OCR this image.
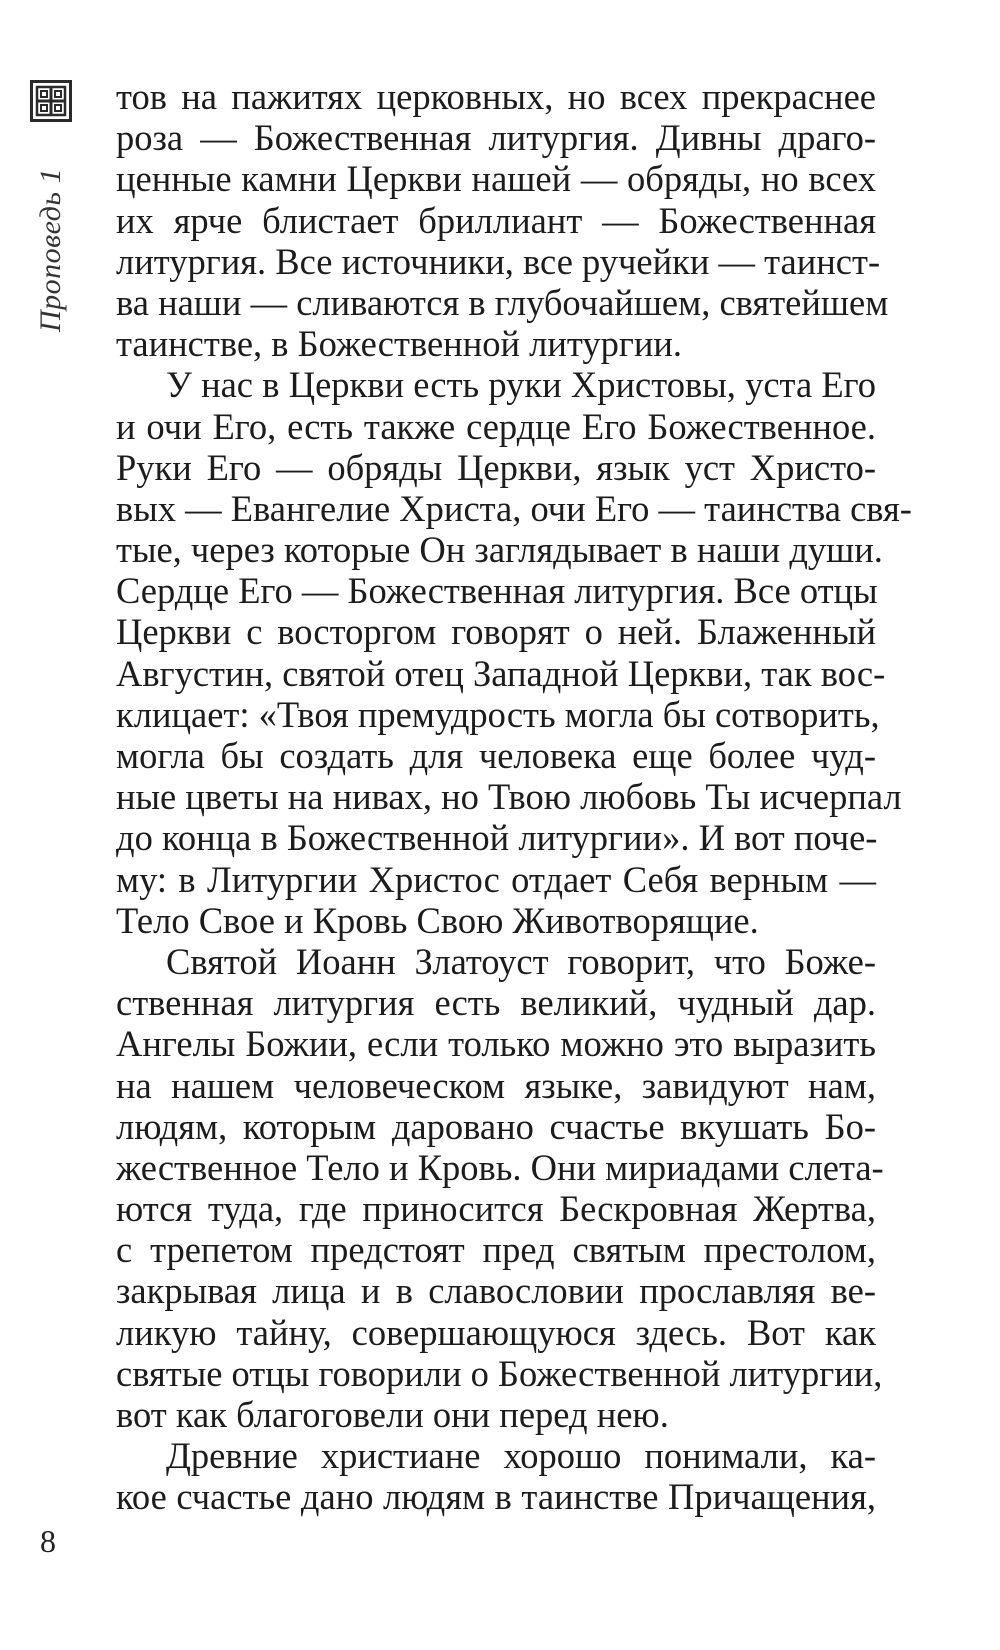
Проповедь 1
8
тов на пажитях церковных, но всех прекраснее
роза — Божественная литургия. Дивны драго-
ценные камни Церкви нашей — обряды, но всех
их ярче блистает бриллиант — Божественная
литургия. Все источники, все ручейки — таинст-
ва наши — сливаются в глубочайшем, святейшем
таинстве, в Божественной литургии.
У нас в Церкви есть руки Христовы, уста Его
и очи Его, есть также сердце Его Божественное.
Руки Его — обряды Церкви, язык уст Христо-
вых — Евангелие Христа, очи Его — таинства свя-
тые, через которые Он заглядывает в наши души.
Сердце Его — Божественная литургия. Все отцы
Церкви с восторгом говорят о ней. Блаженный
Августин, святой отец Западной Церкви, так вос-
клицает: «Твоя премудрость могла бы сотворить,
могла бы создать для человека еще более чуд-
ные цветы на нивах, но Твою любовь Ты исчерпал
до конца в Божественной литургии». И вот поче-
му: в Литургии Христос отдает Себя верным —
Тело Свое и Кровь Свою Животворящие.
Святой Иоанн Златоуст говорит, что Боже-
ственная литургия есть великий, чудный дар.
Ангелы Божии, если только можно это выразить
на нашем человеческом языке, завидуют нам,
людям, которым даровано счастье вкушать Бо-
жественное Тело и Кровь. Они мириадами слета-
ются туда, где приносится Бескровная Жертва,
с трепетом предстоят пред святым престолом,
закрывая лица и в славословии прославляя ве-
ликую тайну, совершающуюся здесь. Вот как
святые отцы говорили о Божественной литургии,
вот как благоговели они перед нею.
Древние христиане хорошо понимали, ка-
кое счастье дано людям в таинстве Причащения,
